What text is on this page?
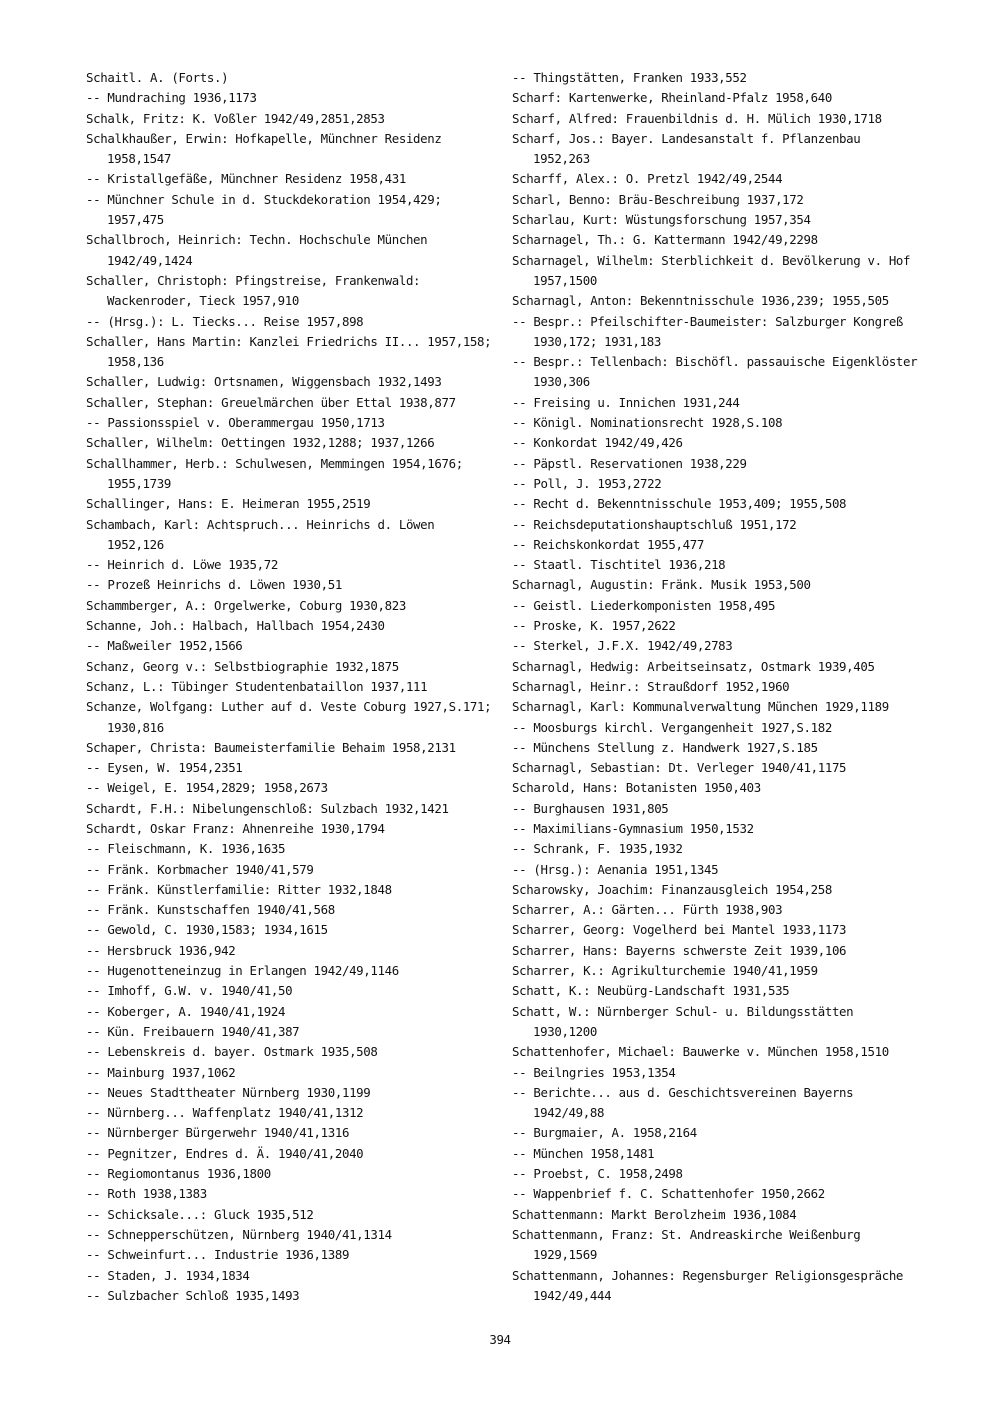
Schaitl. A. (Forts.)
-- Mundraching 1936,1173
Schalk, Fritz: K. Voßler 1942/49,2851,2853
Schalkhaußer, Erwin: Hofkapelle, Münchner Residenz 1958,1547
-- Kristallgefäße, Münchner Residenz 1958,431
-- Münchner Schule in d. Stuckdekoration 1954,429; 1957,475
Schallbroch, Heinrich: Techn. Hochschule München 1942/49,1424
Schaller, Christoph: Pfingstreise, Frankenwald: Wackenroder, Tieck 1957,910
-- (Hrsg.): L. Tiecks... Reise 1957,898
Schaller, Hans Martin: Kanzlei Friedrichs II... 1957,158; 1958,136
Schaller, Ludwig: Ortsnamen, Wiggensbach 1932,1493
Schaller, Stephan: Greuelmärchen über Ettal 1938,877
-- Passionsspiel v. Oberammergau 1950,1713
Schaller, Wilhelm: Oettingen 1932,1288; 1937,1266
Schallhammer, Herb.: Schulwesen, Memmingen 1954,1676; 1955,1739
Schallinger, Hans: E. Heimeran 1955,2519
Schambach, Karl: Achtspruch... Heinrichs d. Löwen 1952,126
-- Heinrich d. Löwe 1935,72
-- Prozeß Heinrichs d. Löwen 1930,51
Schammberger, A.: Orgelwerke, Coburg 1930,823
Schanne, Joh.: Halbach, Hallbach 1954,2430
-- Maßweiler 1952,1566
Schanz, Georg v.: Selbstbiographie 1932,1875
Schanz, L.: Tübinger Studentenbataillon 1937,111
Schanze, Wolfgang: Luther auf d. Veste Coburg 1927,S.171; 1930,816
Schaper, Christa: Baumeisterfamilie Behaim 1958,2131
-- Eysen, W. 1954,2351
-- Weigel, E. 1954,2829; 1958,2673
Schardt, F.H.: Nibelungenschloß: Sulzbach 1932,1421
Schardt, Oskar Franz: Ahnenreihe 1930,1794
-- Fleischmann, K. 1936,1635
-- Fränk. Korbmacher 1940/41,579
-- Fränk. Künstlerfamilie: Ritter 1932,1848
-- Fränk. Kunstschaffen 1940/41,568
-- Gewold, C. 1930,1583; 1934,1615
-- Hersbruck 1936,942
-- Hugenotteneinzug in Erlangen 1942/49,1146
-- Imhoff, G.W. v. 1940/41,50
-- Koberger, A. 1940/41,1924
-- Kün. Freibauern 1940/41,387
-- Lebenskreis d. bayer. Ostmark 1935,508
-- Mainburg 1937,1062
-- Neues Stadttheater Nürnberg 1930,1199
-- Nürnberg... Waffenplatz 1940/41,1312
-- Nürnberger Bürgerwehr 1940/41,1316
-- Pegnitzer, Endres d. Ä. 1940/41,2040
-- Regiomontanus 1936,1800
-- Roth 1938,1383
-- Schicksale...: Gluck 1935,512
-- Schnepperschützen, Nürnberg 1940/41,1314
-- Schweinfurt... Industrie 1936,1389
-- Staden, J. 1934,1834
-- Sulzbacher Schloß 1935,1493
-- Thingstätten, Franken 1933,552
Scharf: Kartenwerke, Rheinland-Pfalz 1958,640
Scharf, Alfred: Frauenbildnis d. H. Mülich 1930,1718
Scharf, Jos.: Bayer. Landesanstalt f. Pflanzenbau 1952,263
Scharff, Alex.: O. Pretzl 1942/49,2544
Scharl, Benno: Bräu-Beschreibung 1937,172
Scharlau, Kurt: Wüstungsforschung 1957,354
Scharnagel, Th.: G. Kattermann 1942/49,2298
Scharnagel, Wilhelm: Sterblichkeit d. Bevölkerung v. Hof 1957,1500
Scharnagl, Anton: Bekenntnisschule 1936,239; 1955,505
-- Bespr.: Pfeilschifter-Baumeister: Salzburger Kongreß 1930,172; 1931,183
-- Bespr.: Tellenbach: Bischöfl. passauische Eigenklöster 1930,306
-- Freising u. Innichen 1931,244
-- Königl. Nominationsrecht 1928,S.108
-- Konkordat 1942/49,426
-- Päpstl. Reservationen 1938,229
-- Poll, J. 1953,2722
-- Recht d. Bekenntnisschule 1953,409; 1955,508
-- Reichsdeputationshauptschluß 1951,172
-- Reichskonkordat 1955,477
-- Staatl. Tischtitel 1936,218
Scharnagl, Augustin: Fränk. Musik 1953,500
-- Geistl. Liederkomponisten 1958,495
-- Proske, K. 1957,2622
-- Sterkel, J.F.X. 1942/49,2783
Scharnagl, Hedwig: Arbeitseinsatz, Ostmark 1939,405
Scharnagl, Heinr.: Straußdorf 1952,1960
Scharnagl, Karl: Kommunalverwaltung München 1929,1189
-- Moosburgs kirchl. Vergangenheit 1927,S.182
-- Münchens Stellung z. Handwerk 1927,S.185
Scharnagl, Sebastian: Dt. Verleger 1940/41,1175
Scharold, Hans: Botanisten 1950,403
-- Burghausen 1931,805
-- Maximilians-Gymnasium 1950,1532
-- Schrank, F. 1935,1932
-- (Hrsg.): Aenania 1951,1345
Scharowsky, Joachim: Finanzausgleich 1954,258
Scharrer, A.: Gärten... Fürth 1938,903
Scharrer, Georg: Vogelherd bei Mantel 1933,1173
Scharrer, Hans: Bayerns schwerste Zeit 1939,106
Scharrer, K.: Agrikulturchemie 1940/41,1959
Schatt, K.: Neubürg-Landschaft 1931,535
Schatt, W.: Nürnberger Schul- u. Bildungsstätten 1930,1200
Schattenhofer, Michael: Bauwerke v. München 1958,1510
-- Beilngries 1953,1354
-- Berichte... aus d. Geschichtsvereinen Bayerns 1942/49,88
-- Burgmaier, A. 1958,2164
-- München 1958,1481
-- Proebst, C. 1958,2498
-- Wappenbrief f. C. Schattenhofer 1950,2662
Schattenmann: Markt Berolzheim 1936,1084
Schattenmann, Franz: St. Andreaskirche Weißenburg 1929,1569
Schattenmann, Johannes: Regensburger Religionsgespräche 1942/49,444
394
